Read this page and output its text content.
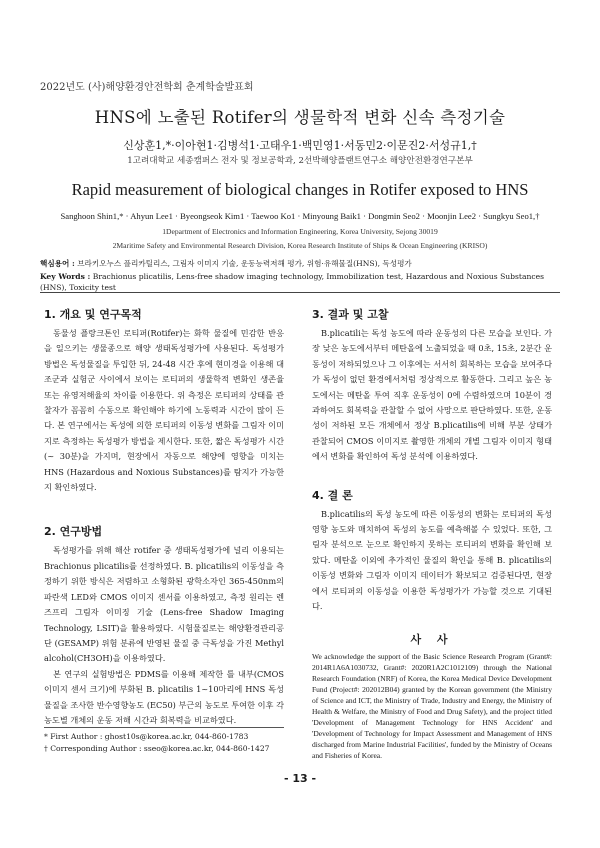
2022년도 (사)해양환경안전학회 춘계학술발표회
HNS에 노출된 Rotifer의 생물학적 변화 신속 측정기술
신상훈1,*·이아현1·김병석1·고태우1·백민영1·서동민2·이문진2·서성규1,†
1고려대학교 세종캠퍼스 전자 및 정보공학과, 2선박해양플랜트연구소 해양안전환경연구본부
Rapid measurement of biological changes in Rotifer exposed to HNS
Sanghoon Shin1,* · Ahyun Lee1 · Byeongseok Kim1 · Taewoo Ko1 · Minyoung Baik1 · Dongmin Seo2 · Moonjin Lee2 · Sungkyu Seo1,†
1Department of Electronics and Information Engineering, Korea University, Sejong 30019
2Maritime Safety and Environmental Research Division, Korea Research Institute of Ships & Ocean Engineering (KRISO)
핵심용어 : 브라키오누스 플리카틸리스, 그림자 이미지 기술, 운동능력저해 평가, 위험·유해물질(HNS), 독성평가
Key Words : Brachionus plicatilis, Lens-free shadow imaging technology, Immobilization test, Hazardous and Noxious Substances (HNS), Toxicity test
1. 개요 및 연구목적
동물성 플랑크톤인 로티퍼(Rotifer)는 화학 물질에 민감한 반응을 일으키는 생물종으로 해양 생태독성평가에 사용된다. 독성평가 방법은 독성물질을 투입한 뒤, 24-48 시간 후에 현미경을 이용해 대조군과 실험군 사이에서 보이는 로티퍼의 생물학적 변화인 생존율 또는 유영저해율의 차이를 이용한다. 위 측정은 로티퍼의 상태를 관찰자가 꼼꼼히 수동으로 확인해야 하기에 노동력과 시간이 많이 든다. 본 연구에서는 독성에 의한 로티퍼의 이동성 변화를 그림자 이미지로 측정하는 독성평가 방법을 제시한다. 또한, 짧은 독성평가 시간(~ 30분)을 가지며, 현장에서 자동으로 해양에 영향을 미치는 HNS (Hazardous and Noxious Substances)를 탐지가 가능한지 확인하였다.
2. 연구방법
독성평가를 위해 해산 rotifer 중 생태독성평가에 널리 이용되는 Brachionus plicatilis를 선정하였다. B. plicatilis의 이동성을 측정하기 위한 방식은 저렴하고 소형화된 광학소자인 365-450nm의 파란색 LED와 CMOS 이미지 센서를 이용하였고, 측정 원리는 렌즈프리 그림자 이미징 기술 (Lens-free Shadow Imaging Technology, LSIT)을 활용하였다. 시험물질로는 해양환경관리공단 (GESAMP) 위험 분류에 반영된 물질 중 극독성을 가진 Methyl alcohol(CH3OH)을 이용하였다.
본 연구의 실험방법은 PDMS를 이용해 제작한 틀 내부(CMOS 이미지 센서 크기)에 부화된 B. plicatilis 1~10마리에 HNS 독성물질을 조사한 반수영향농도 (EC50) 부근의 농도로 투여한 이후 각 농도별 개체의 운동 저해 시간과 회복력을 비교하였다.
* First Author : ghost10s@korea.ac.kr, 044-860-1783
† Corresponding Author : sseo@korea.ac.kr, 044-860-1427
3. 결과 및 고찰
B.plicatili는 독성 농도에 따라 운동성의 다른 모습을 보인다. 가장 낮은 농도에서부터 메탄올에 노출되었을 때 0초, 15초, 2분간 운동성이 저하되었으나 그 이후에는 서서히 회복하는 모습을 보여주다가 독성이 없던 환경에서처럼 정상적으로 활동한다. 그리고 높은 농도에서는 메탄올 투여 직후 운동성이 0에 수렴하였으며 10분이 경과하여도 회복력을 관찰할 수 없어 사망으로 판단하였다. 또한, 운동성이 저하된 모든 개체에서 정상 B.plicatilis에 비해 부분 상태가 관찰되어 CMOS 이미지로 촬영한 개체의 개별 그림자 이미지 형태에서 변화를 확인하여 독성 분석에 이용하였다.
4. 결 론
B.plicatilis의 독성 농도에 따른 이동성의 변화는 로티퍼의 독성영향 농도와 매치하여 독성의 농도를 예측해볼 수 있었다. 또한, 그림자 분석으로 눈으로 확인하지 못하는 로티퍼의 변화를 확인해 보았다. 메탄올 이외에 추가적인 물질의 확인을 통해 B. plicatilis의 이동성 변화와 그림자 이미지 데이터가 확보되고 검증된다면, 현장에서 로티퍼의 이동성을 이용한 독성평가가 가능할 것으로 기대된다.
사 사
We acknowledge the support of the Basic Science Research Program (Grant#: 2014R1A6A1030732, Grant#: 2020R1A2C1012109) through the National Research Foundation (NRF) of Korea, the Korea Medical Device Development Fund (Project#: 202012B04) granted by the Korean government (the Ministry of Science and ICT, the Ministry of Trade, Industry and Energy, the Ministry of Health & Welfare, the Ministry of Food and Drug Safety), and the project titled 'Development of Management Technology for HNS Accident' and 'Development of Technology for Impact Assessment and Management of HNS discharged from Marine Industrial Facilities', funded by the Ministry of Oceans and Fisheries of Korea.
- 13 -
